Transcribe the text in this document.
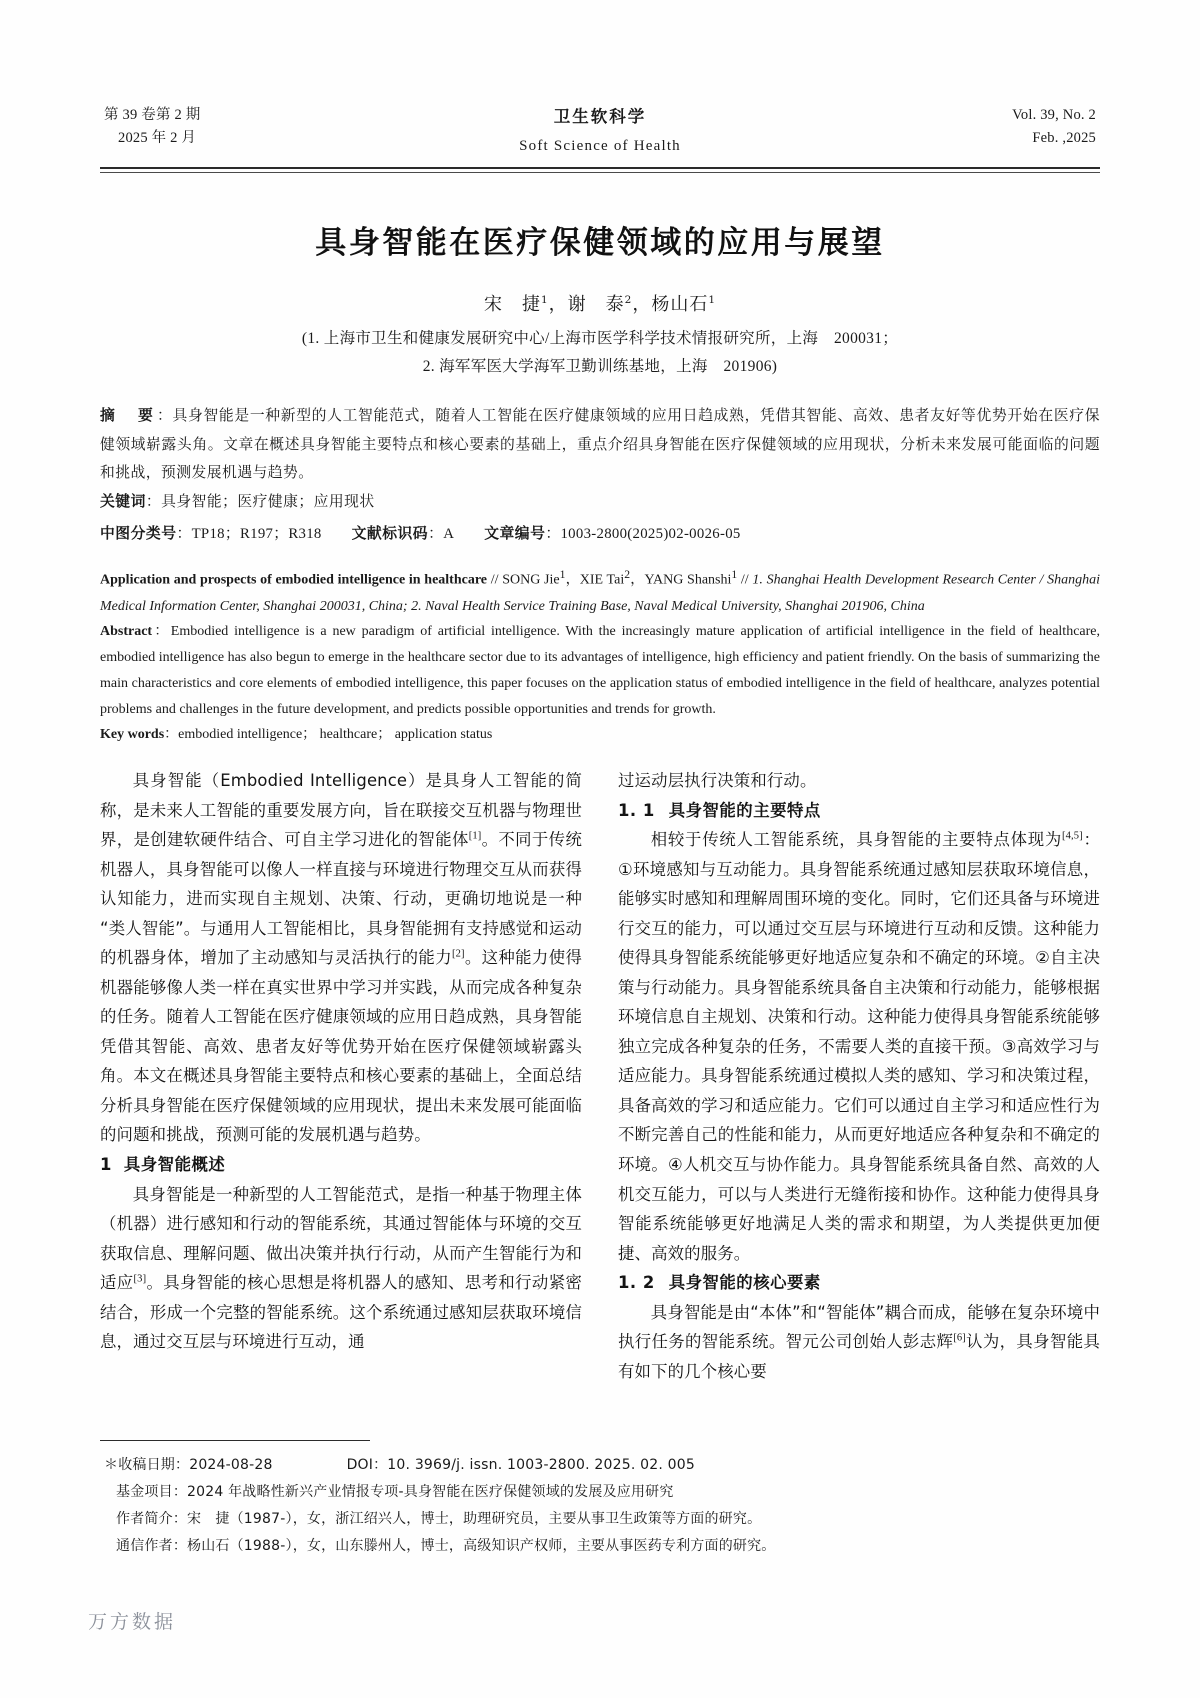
第 39 卷第 2 期
2025 年 2 月
卫生软科学
Soft Science of Health
Vol. 39, No. 2
Feb. ,2025
具身智能在医疗保健领域的应用与展望
宋　捷$^1$，谢　泰$^2$，杨山石$^1$
(1. 上海市卫生和健康发展研究中心/上海市医学科学技术情报研究所，上海　200031；
2. 海军军医大学海军卫勤训练基地，上海　201906)
摘　要：具身智能是一种新型的人工智能范式，随着人工智能在医疗健康领域的应用日趋成熟，凭借其智能、高效、患者友好等优势开始在医疗保健领域崭露头角。文章在概述具身智能主要特点和核心要素的基础上，重点介绍具身智能在医疗保健领域的应用现状，分析未来发展可能面临的问题和挑战，预测发展机遇与趋势。
关键词：具身智能；医疗健康；应用现状
中图分类号：TP18；R197；R318 文献标识码：A 文章编号：1003-2800(2025)02-0026-05
Application and prospects of embodied intelligence in healthcare // SONG Jie$^1$，XIE Tai$^2$，YANG Shanshi$^1$ // 1. Shanghai Health Development Research Center / Shanghai Medical Information Center, Shanghai 200031, China; 2. Naval Health Service Training Base, Naval Medical University, Shanghai 201906, China
Abstract：Embodied intelligence is a new paradigm of artificial intelligence. With the increasingly mature application of artificial intelligence in the field of healthcare, embodied intelligence has also begun to emerge in the healthcare sector due to its advantages of intelligence, high efficiency and patient friendly. On the basis of summarizing the main characteristics and core elements of embodied intelligence, this paper focuses on the application status of embodied intelligence in the field of healthcare, analyzes potential problems and challenges in the future development, and predicts possible opportunities and trends for growth.
Key words：embodied intelligence； healthcare； application status

具身智能（Embodied Intelligence）是具身人工智能的简称，是未来人工智能的重要发展方向，旨在联接交互机器与物理世界，是创建软硬件结合、可自主学习进化的智能体[1]。不同于传统机器人，具身智能可以像人一样直接与环境进行物理交互从而获得认知能力，进而实现自主规划、决策、行动，更确切地说是一种“类人智能”。与通用人工智能相比，具身智能拥有支持感觉和运动的机器身体，增加了主动感知与灵活执行的能力[2]。这种能力使得机器能够像人类一样在真实世界中学习并实践，从而完成各种复杂的任务。随着人工智能在医疗健康领域的应用日趋成熟，具身智能凭借其智能、高效、患者友好等优势开始在医疗保健领域崭露头角。本文在概述具身智能主要特点和核心要素的基础上，全面总结分析具身智能在医疗保健领域的应用现状，提出未来发展可能面临的问题和挑战，预测可能的发展机遇与趋势。

1 具身智能概述

具身智能是一种新型的人工智能范式，是指一种基于物理主体（机器）进行感知和行动的智能系统，其通过智能体与环境的交互获取信息、理解问题、做出决策并执行行动，从而产生智能行为和适应[3]。具身智能的核心思想是将机器人的感知、思考和行动紧密结合，形成一个完整的智能系统。这个系统通过感知层获取环境信息，通过交互层与环境进行互动，通

过运动层执行决策和行动。

1. 1 具身智能的主要特点

相较于传统人工智能系统，具身智能的主要特点体现为[4,5]：①环境感知与互动能力。具身智能系统通过感知层获取环境信息，能够实时感知和理解周围环境的变化。同时，它们还具备与环境进行交互的能力，可以通过交互层与环境进行互动和反馈。这种能力使得具身智能系统能够更好地适应复杂和不确定的环境。②自主决策与行动能力。具身智能系统具备自主决策和行动能力，能够根据环境信息自主规划、决策和行动。这种能力使得具身智能系统能够独立完成各种复杂的任务，不需要人类的直接干预。③高效学习与适应能力。具身智能系统通过模拟人类的感知、学习和决策过程，具备高效的学习和适应能力。它们可以通过自主学习和适应性行为不断完善自己的性能和能力，从而更好地适应各种复杂和不确定的环境。④人机交互与协作能力。具身智能系统具备自然、高效的人机交互能力，可以与人类进行无缝衔接和协作。这种能力使得具身智能系统能够更好地满足人类的需求和期望，为人类提供更加便捷、高效的服务。

1. 2 具身智能的核心要素

具身智能是由“本体”和“智能体”耦合而成，能够在复杂环境中执行任务的智能系统。智元公司创始人彭志辉[6]认为，具身智能具有如下的几个核心要

＊收稿日期：2024-08-28	DOI：10. 3969/j. issn. 1003-2800. 2025. 02. 005
基金项目：2024 年战略性新兴产业情报专项-具身智能在医疗保健领域的发展及应用研究
作者简介：宋　捷（1987-），女，浙江绍兴人，博士，助理研究员，主要从事卫生政策等方面的研究。
通信作者：杨山石（1988-），女，山东滕州人，博士，高级知识产权师，主要从事医药专利方面的研究。
万方数据
